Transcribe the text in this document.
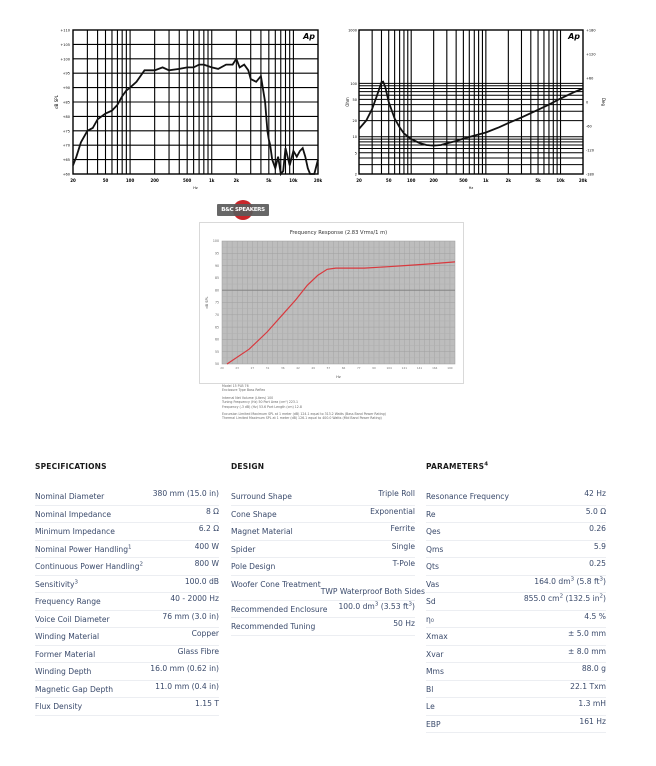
20	50	100	200	500	1k	2k	5k	10k	20k
+60
+65
+70
+75
+80
+85
+90
+95
+100
+105
+110
Hz
dB SPL
Ap
20	50	100	200	500	1k	2k	5k	10k	20k
1000
100
50
20
10
5
2
+180
+120
+60
0
-60
-120
-180
Hz
Ohm	Deg
Ap
B&C SPEAKERS
Frequency Response (2.83 Vrms/1 m)
100
95
90
85
80
75
70
65
60
55
50
20	23	27	31	36	42	49	57	66	77	90	104	121	141	164	190
Hz
dB SPL
Model 15 PLB 76
Enclosure Type Bass Reflex
Internal Net Volume (Liters) 100
Tuning Frequency (Hz) 50 Port Area (cm²) 223.1
Frequency (-3 dB) (Hz) 53.6 Port Length (cm) 12.8
Excursion Limited Maximum SPL at 1 meter (dB) 124.1 equal to 313.2 Watts (Bass Band Power Rating)
Thermal Limited Maximum SPL at 1 meter (dB) 126.1 equal to 400.0 Watts (Mid Band Power Rating)
SPECIFICATIONS
Nominal Diameter	380 mm (15.0 in)
Nominal Impedance	8 Ω
Minimum Impedance	6.2 Ω
Nominal Power Handling$^1$	400 W
Continuous Power Handling$^2$	800 W
Sensitivity$^3$	100.0 dB
Frequency Range	40 - 2000 Hz
Voice Coil Diameter	76 mm (3.0 in)
Winding Material	Copper
Former Material	Glass Fibre
Winding Depth	16.0 mm (0.62 in)
Magnetic Gap Depth	11.0 mm (0.4 in)
Flux Density	1.15 T
DESIGN
Surround Shape	Triple Roll
Cone Shape	Exponential
Magnet Material	Ferrite
Spider	Single
Pole Design	T-Pole
Woofer Cone Treatment
TWP Waterproof Both Sides
Recommended Enclosure 100.0 $dm^3$ (3.53 $ft^3$)
Recommended Tuning	50 Hz
PARAMETERS$^4$
Resonance Frequency	42 Hz
Re	5.0 Ω
Qes	0.26
Qms	5.9
Qts	0.25
Vas	164.0 $dm^3$ (5.8 $ft^3$)
Sd	855.0 $cm^2$ (132.5 $in^2$)
η₀	4.5 %
Xmax	± 5.0 mm
Xvar	± 8.0 mm
Mms	88.0 g
Bl	22.1 Txm
Le	1.3 mH
EBP	161 Hz
